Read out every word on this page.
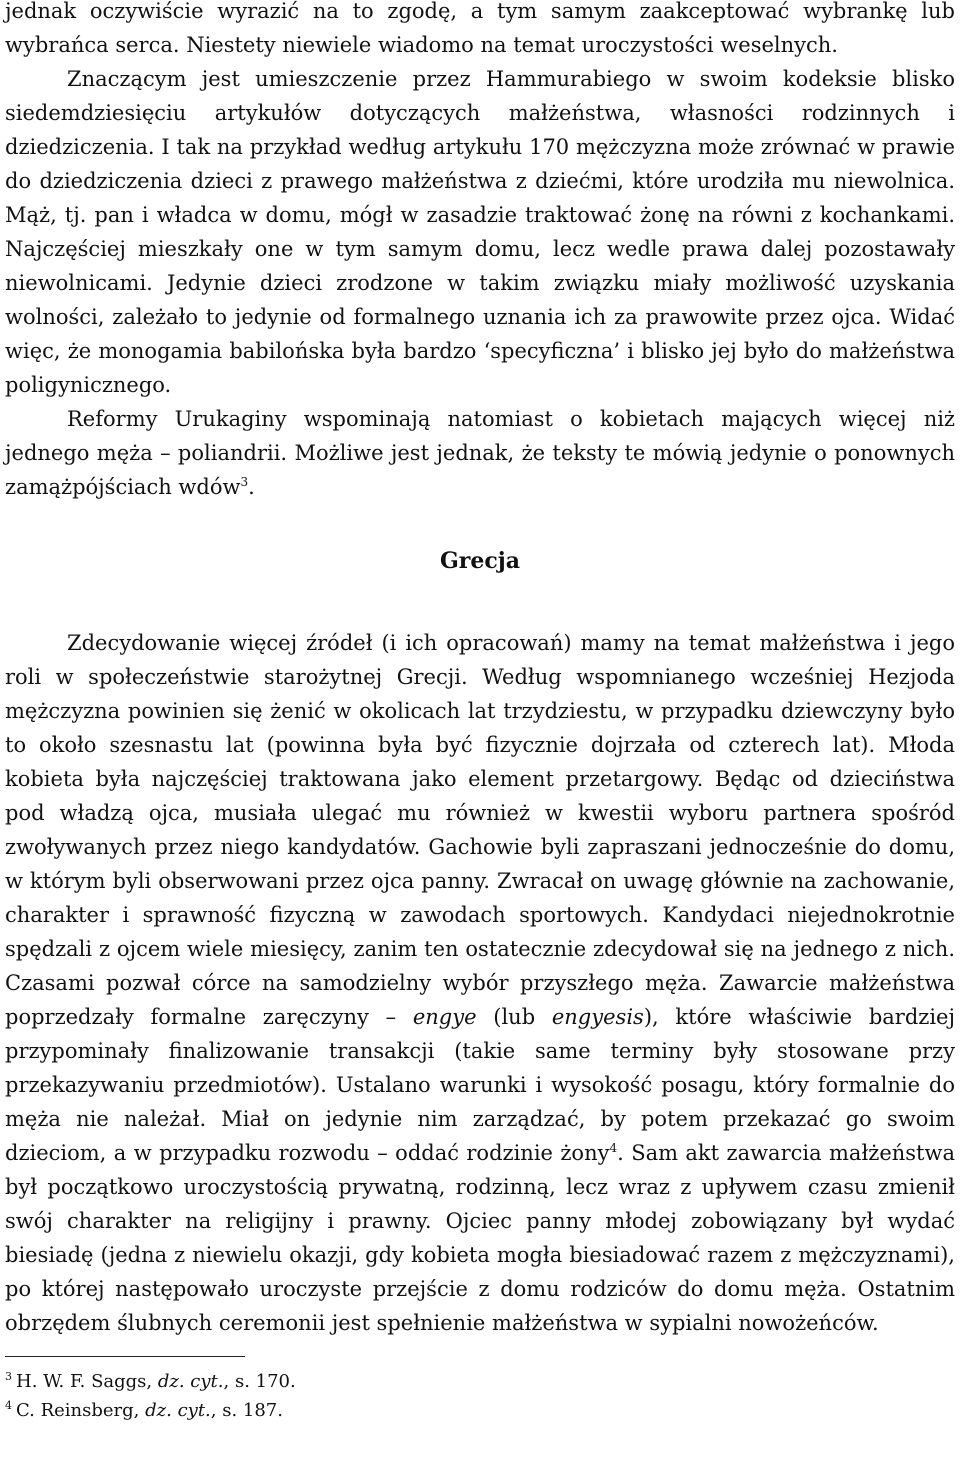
jednak oczywiście wyrazić na to zgodę, a tym samym zaakceptować wybrankę lub wybrańca serca. Niestety niewiele wiadomo na temat uroczystości weselnych.

Znaczącym jest umieszczenie przez Hammurabiego w swoim kodeksie blisko siedemdziesięciu artykułów dotyczących małżeństwa, własności rodzinnych i dziedziczenia. I tak na przykład według artykułu 170 mężczyzna może zrównać w prawie do dziedziczenia dzieci z prawego małżeństwa z dziećmi, które urodziła mu niewolnica. Mąż, tj. pan i władca w domu, mógł w zasadzie traktować żonę na równi z kochankami. Najczęściej mieszkały one w tym samym domu, lecz wedle prawa dalej pozostawały niewolnicami. Jedynie dzieci zrodzone w takim związku miały możliwość uzyskania wolności, zależało to jedynie od formalnego uznania ich za prawowite przez ojca. Widać więc, że monogamia babilońska była bardzo ‘specyficzna’ i blisko jej było do małżeństwa poligynicznego.

Reformy Urukaginy wspominają natomiast o kobietach mających więcej niż jednego męża – poliandrii. Możliwe jest jednak, że teksty te mówią jedynie o ponownych zamążpójściach wdów$^3$.

Grecja

Zdecydowanie więcej źródeł (i ich opracowań) mamy na temat małżeństwa i jego roli w społeczeństwie starożytnej Grecji. Według wspomnianego wcześniej Hezjoda mężczyzna powinien się żenić w okolicach lat trzydziestu, w przypadku dziewczyny było to około szesnastu lat (powinna była być fizycznie dojrzała od czterech lat). Młoda kobieta była najczęściej traktowana jako element przetargowy. Będąc od dzieciństwa pod władzą ojca, musiała ulegać mu również w kwestii wyboru partnera spośród zwoływanych przez niego kandydatów. Gachowie byli zapraszani jednocześnie do domu, w którym byli obserwowani przez ojca panny. Zwracał on uwagę głównie na zachowanie, charakter i sprawność fizyczną w zawodach sportowych. Kandydaci niejednokrotnie spędzali z ojcem wiele miesięcy, zanim ten ostatecznie zdecydował się na jednego z nich. Czasami pozwał córce na samodzielny wybór przyszłego męża. Zawarcie małżeństwa poprzedzały formalne zaręczyny – engye (lub engyesis), które właściwie bardziej przypominały finalizowanie transakcji (takie same terminy były stosowane przy przekazywaniu przedmiotów). Ustalano warunki i wysokość posagu, który formalnie do męża nie należał. Miał on jedynie nim zarządzać, by potem przekazać go swoim dzieciom, a w przypadku rozwodu – oddać rodzinie żony$^4$. Sam akt zawarcia małżeństwa był początkowo uroczystością prywatną, rodzinną, lecz wraz z upływem czasu zmienił swój charakter na religijny i prawny. Ojciec panny młodej zobowiązany był wydać biesiadę (jedna z niewielu okazji, gdy kobieta mogła biesiadować razem z mężczyznami), po której następowało uroczyste przejście z domu rodziców do domu męża. Ostatnim obrzędem ślubnych ceremonii jest spełnienie małżeństwa w sypialni nowożeńców.

$^3$ H. W. F. Saggs, dz. cyt., s. 170.

$^4$ C. Reinsberg, dz. cyt., s. 187.
